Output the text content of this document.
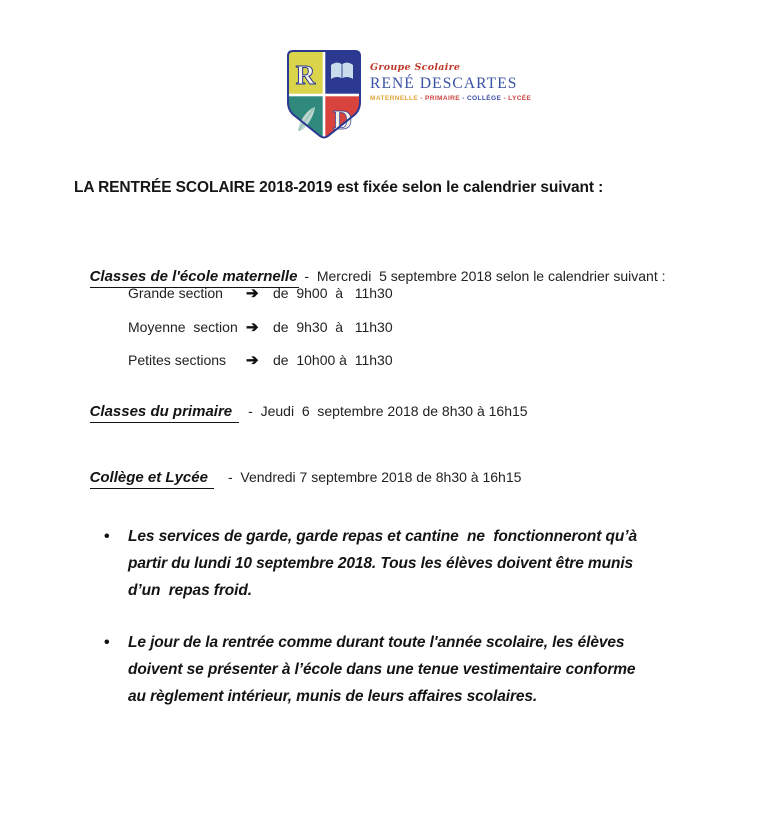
R
D
Groupe Scolaire
RENÉ DESCARTES
MATERNELLE - PRIMAIRE - COLLÈGE - LYCÉE
LA RENTRÉE SCOLAIRE 2018-2019 est fixée selon le calendrier suivant :

Classes de l'école maternelle -  Mercredi  5 septembre 2018 selon le calendrier suivant :

Grande section	➔	de  9h00  à   11h30
Moyenne  section ➔	de  9h30  à   11h30
Petites sections	➔	de  10h00 à  11h30

Classes du primaire -  Jeudi  6  septembre 2018 de 8h30 à 16h15

Collège et Lycée -  Vendredi 7 septembre 2018 de 8h30 à 16h15

•	Les services de garde, garde repas et cantine  ne  fonctionneront qu’à
partir du lundi 10 septembre 2018. Tous les élèves doivent être munis
d’un  repas froid.
•	Le jour de la rentrée comme durant toute l'année scolaire, les élèves
doivent se présenter à l’école dans une tenue vestimentaire conforme
au règlement intérieur, munis de leurs affaires scolaires.
